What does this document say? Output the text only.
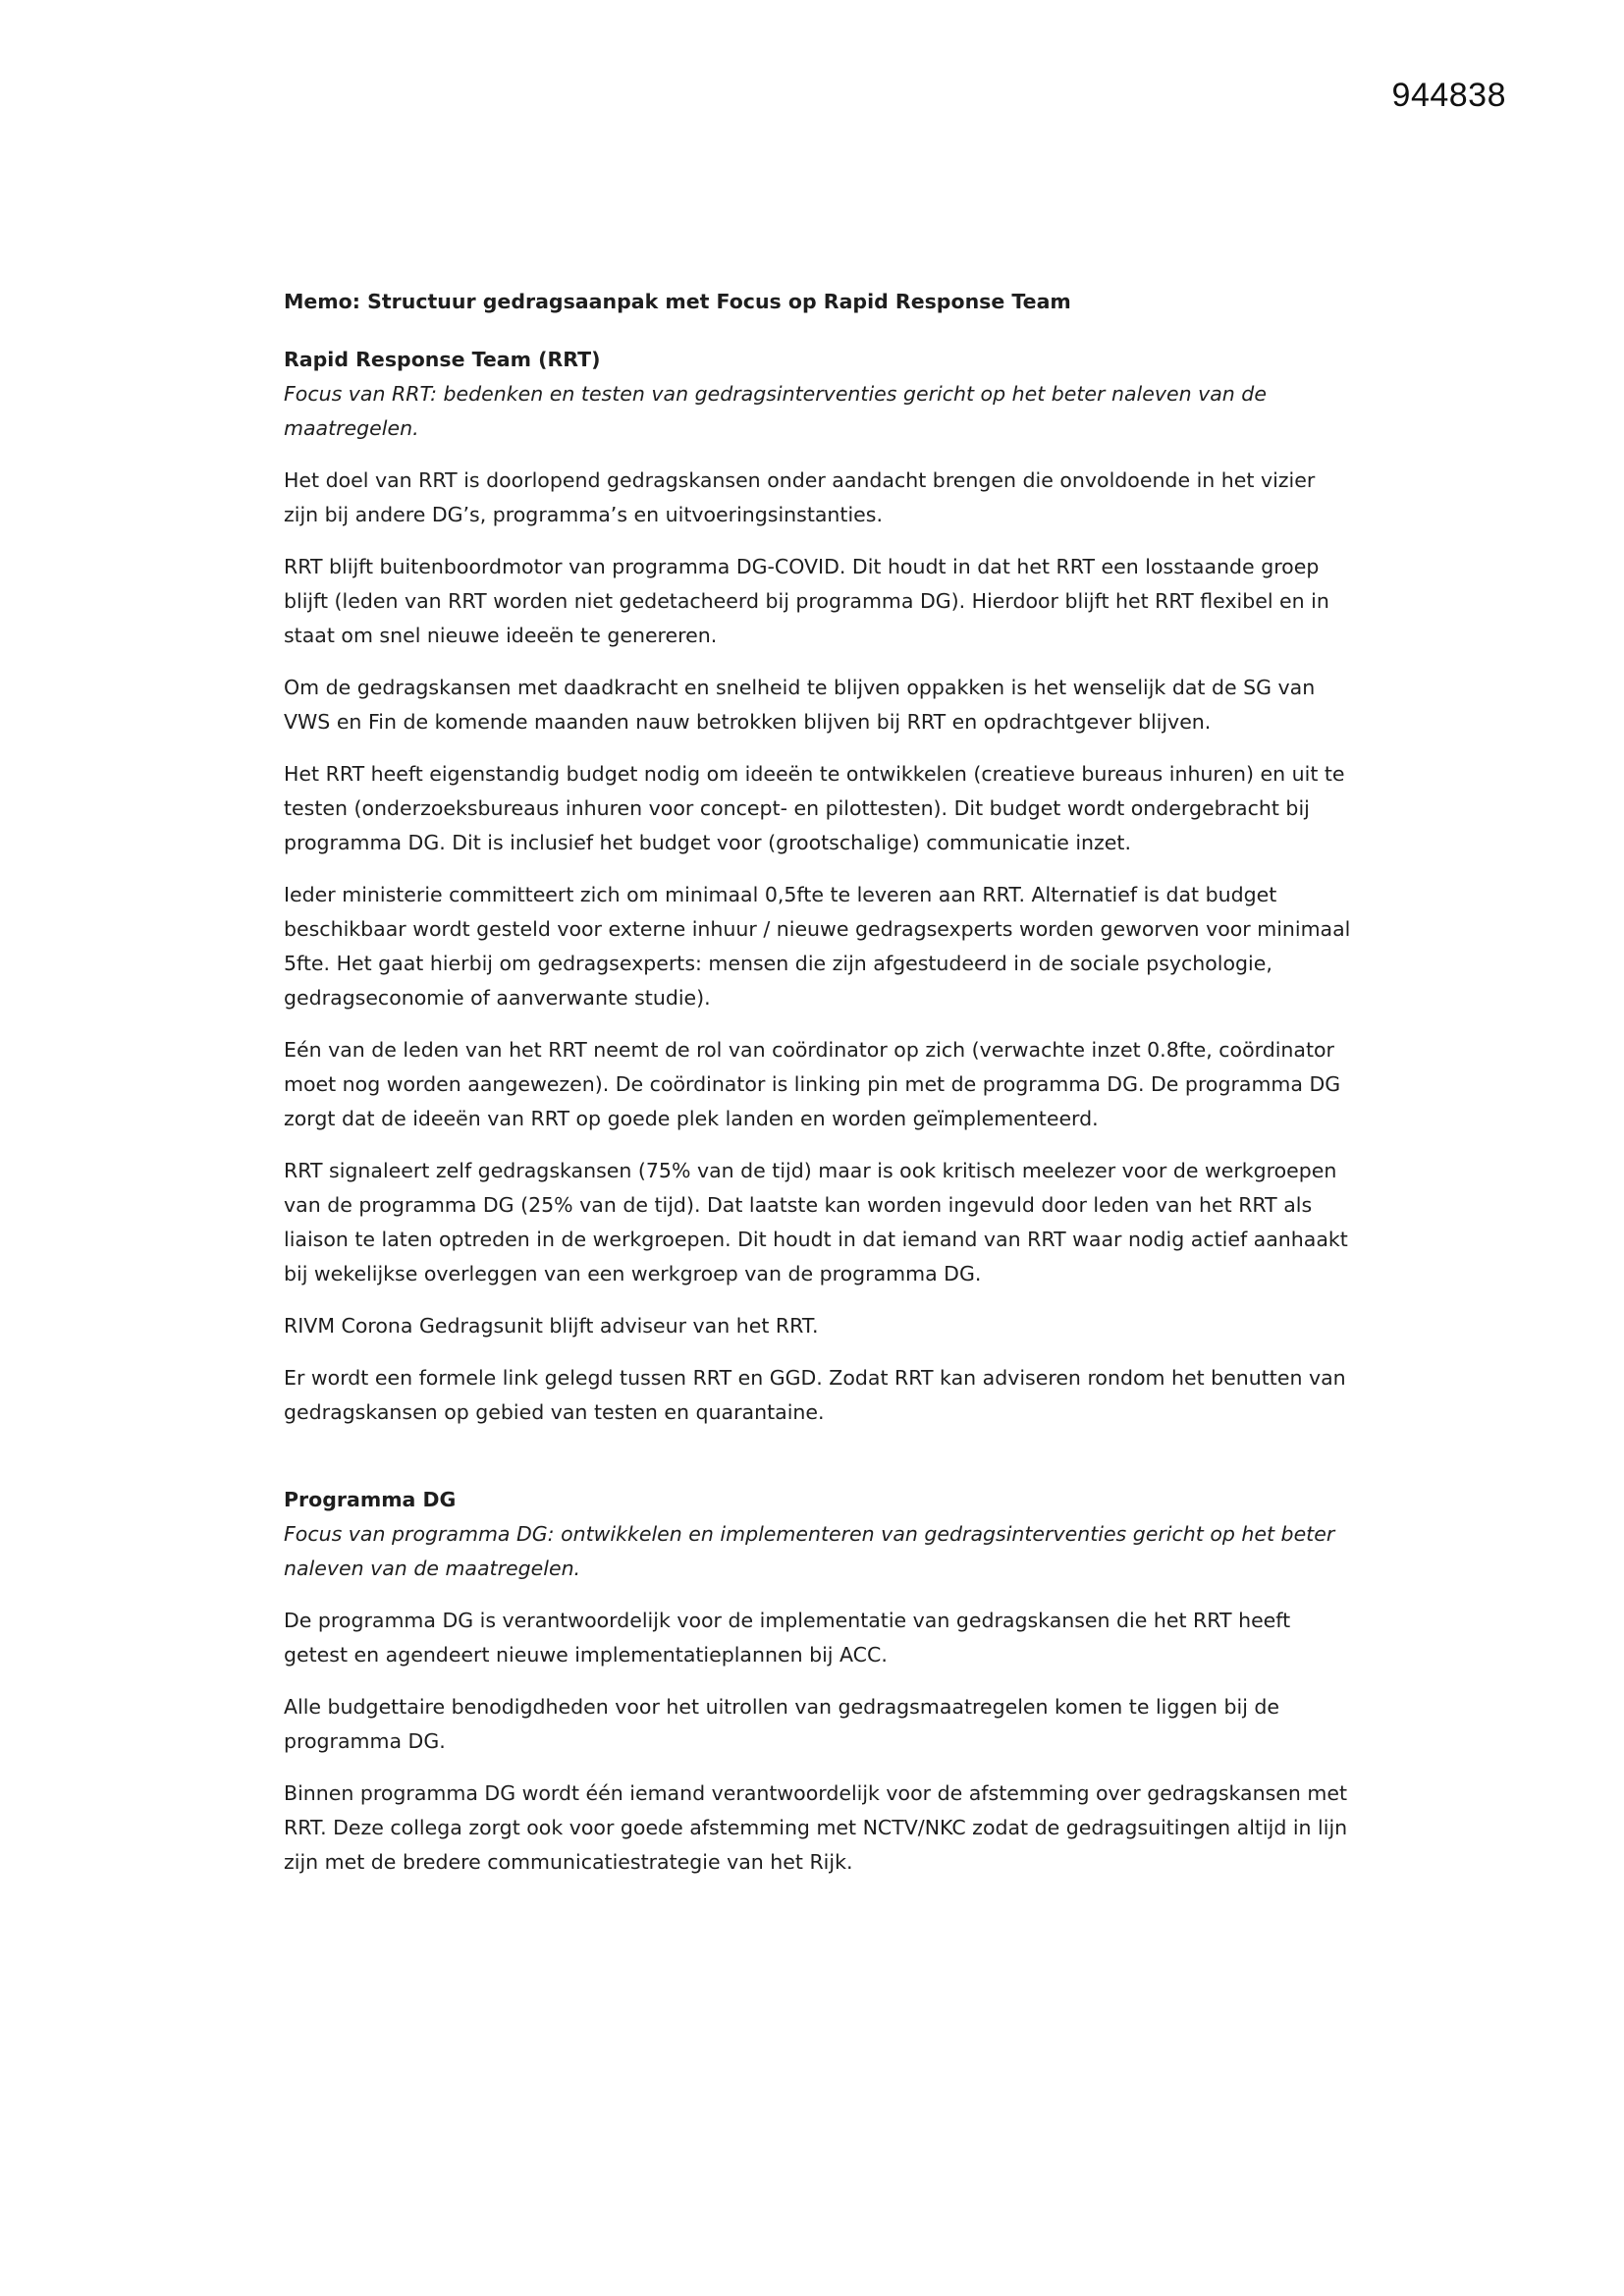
944838

Memo: Structuur gedragsaanpak met Focus op Rapid Response Team

Rapid Response Team (RRT)

Focus van RRT: bedenken en testen van gedragsinterventies gericht op het beter naleven van de maatregelen.

Het doel van RRT is doorlopend gedragskansen onder aandacht brengen die onvoldoende in het vizier zijn bij andere DG’s, programma’s en uitvoeringsinstanties.

RRT blijft buitenboordmotor van programma DG-COVID. Dit houdt in dat het RRT een losstaande groep blijft (leden van RRT worden niet gedetacheerd bij programma DG). Hierdoor blijft het RRT flexibel en in staat om snel nieuwe ideeën te genereren.

Om de gedragskansen met daadkracht en snelheid te blijven oppakken is het wenselijk dat de SG van VWS en Fin de komende maanden nauw betrokken blijven bij RRT en opdrachtgever blijven.

Het RRT heeft eigenstandig budget nodig om ideeën te ontwikkelen (creatieve bureaus inhuren) en uit te testen (onderzoeksbureaus inhuren voor concept- en pilottesten). Dit budget wordt ondergebracht bij programma DG. Dit is inclusief het budget voor (grootschalige) communicatie inzet.

Ieder ministerie committeert zich om minimaal 0,5fte te leveren aan RRT. Alternatief is dat budget beschikbaar wordt gesteld voor externe inhuur / nieuwe gedragsexperts worden geworven voor minimaal 5fte. Het gaat hierbij om gedragsexperts: mensen die zijn afgestudeerd in de sociale psychologie, gedragseconomie of aanverwante studie).

Eén van de leden van het RRT neemt de rol van coördinator op zich (verwachte inzet 0.8fte, coördinator moet nog worden aangewezen). De coördinator is linking pin met de programma DG. De programma DG zorgt dat de ideeën van RRT op goede plek landen en worden geïmplementeerd.

RRT signaleert zelf gedragskansen (75% van de tijd) maar is ook kritisch meelezer voor de werkgroepen van de programma DG (25% van de tijd). Dat laatste kan worden ingevuld door leden van het RRT als liaison te laten optreden in de werkgroepen. Dit houdt in dat iemand van RRT waar nodig actief aanhaakt bij wekelijkse overleggen van een werkgroep van de programma DG.

RIVM Corona Gedragsunit blijft adviseur van het RRT.

Er wordt een formele link gelegd tussen RRT en GGD. Zodat RRT kan adviseren rondom het benutten van gedragskansen op gebied van testen en quarantaine.

Programma DG

Focus van programma DG: ontwikkelen en implementeren van gedragsinterventies gericht op het beter naleven van de maatregelen.

De programma DG is verantwoordelijk voor de implementatie van gedragskansen die het RRT heeft getest en agendeert nieuwe implementatieplannen bij ACC.

Alle budgettaire benodigdheden voor het uitrollen van gedragsmaatregelen komen te liggen bij de programma DG.

Binnen programma DG wordt één iemand verantwoordelijk voor de afstemming over gedragskansen met RRT. Deze collega zorgt ook voor goede afstemming met NCTV/NKC zodat de gedragsuitingen altijd in lijn zijn met de bredere communicatiestrategie van het Rijk.
